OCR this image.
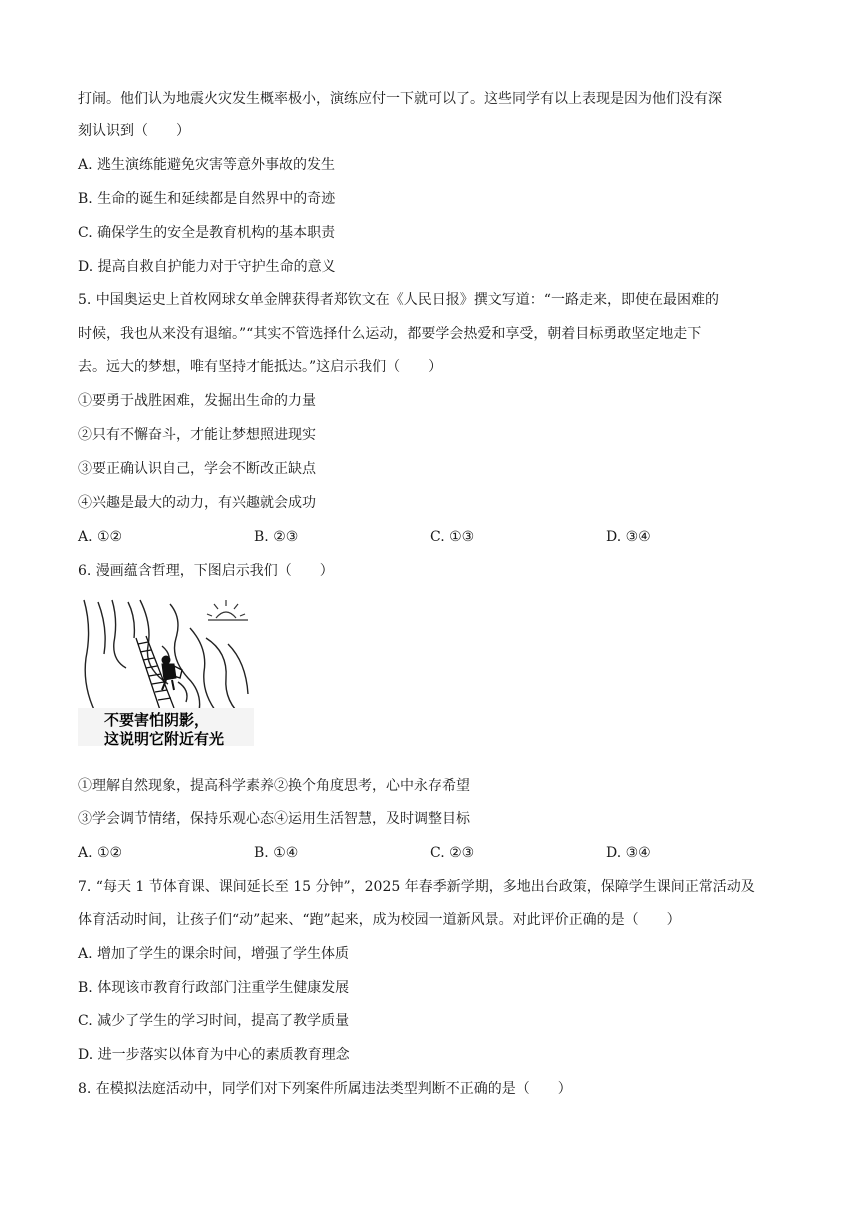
打闹。他们认为地震火灾发生概率极小，演练应付一下就可以了。这些同学有以上表现是因为他们没有深
刻认识到（　　）
A. 逃生演练能避免灾害等意外事故的发生
B. 生命的诞生和延续都是自然界中的奇迹
C. 确保学生的安全是教育机构的基本职责
D. 提高自救自护能力对于守护生命的意义
5. 中国奥运史上首枚网球女单金牌获得者郑钦文在《人民日报》撰文写道：“一路走来，即使在最困难的
时候，我也从来没有退缩。”“其实不管选择什么运动，都要学会热爱和享受，朝着目标勇敢坚定地走下
去。远大的梦想，唯有坚持才能抵达。”这启示我们（　　）
①要勇于战胜困难，发掘出生命的力量
②只有不懈奋斗，才能让梦想照进现实
③要正确认识自己，学会不断改正缺点
④兴趣是最大的动力，有兴趣就会成功
A. ①②	B. ②③	C. ①③	D. ③④
6. 漫画蕴含哲理，下图启示我们（　　）
不要害怕阴影，
这说明它附近有光
①理解自然现象，提高科学素养②换个角度思考，心中永存希望
③学会调节情绪，保持乐观心态④运用生活智慧，及时调整目标
A. ①②	B. ①④	C. ②③	D. ③④
7. “每天 1 节体育课、课间延长至 15 分钟”，2025 年春季新学期，多地出台政策，保障学生课间正常活动及
体育活动时间，让孩子们“动”起来、“跑”起来，成为校园一道新风景。对此评价正确的是（　　）
A. 增加了学生的课余时间，增强了学生体质
B. 体现该市教育行政部门注重学生健康发展
C. 减少了学生的学习时间，提高了教学质量
D. 进一步落实以体育为中心的素质教育理念
8. 在模拟法庭活动中，同学们对下列案件所属违法类型判断不正确的是（　　）
